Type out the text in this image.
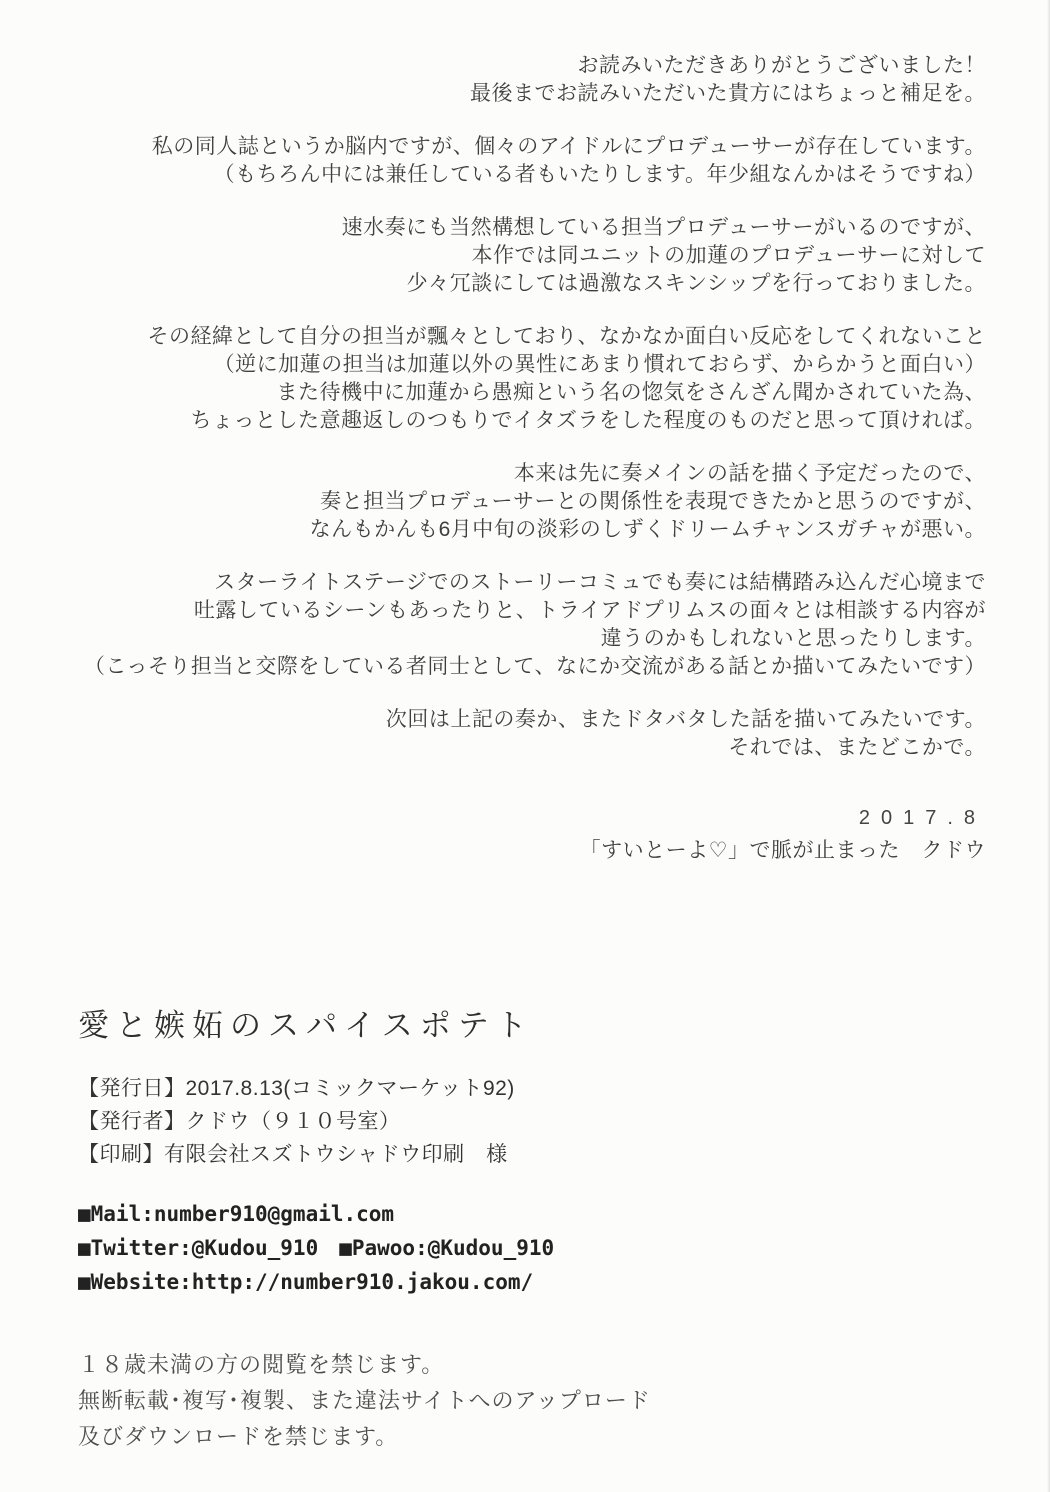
お読みいただきありがとうございました！
最後までお読みいただいた貴方にはちょっと補足を。

私の同人誌というか脳内ですが、個々のアイドルにプロデューサーが存在しています。
（もちろん中には兼任している者もいたりします。年少組なんかはそうですね）

速水奏にも当然構想している担当プロデューサーがいるのですが、
本作では同ユニットの加蓮のプロデューサーに対して
少々冗談にしては過激なスキンシップを行っておりました。

その経緯として自分の担当が飄々としており、なかなか面白い反応をしてくれないこと
（逆に加蓮の担当は加蓮以外の異性にあまり慣れておらず、からかうと面白い）
また待機中に加蓮から愚痴という名の惚気をさんざん聞かされていた為、
ちょっとした意趣返しのつもりでイタズラをした程度のものだと思って頂ければ。

本来は先に奏メインの話を描く予定だったので、
奏と担当プロデューサーとの関係性を表現できたかと思うのですが、
なんもかんも6月中旬の淡彩のしずくドリームチャンスガチャが悪い。

スターライトステージでのストーリーコミュでも奏には結構踏み込んだ心境まで
吐露しているシーンもあったりと、トライアドプリムスの面々とは相談する内容が
違うのかもしれないと思ったりします。
（こっそり担当と交際をしている者同士として、なにか交流がある話とか描いてみたいです）

次回は上記の奏か、またドタバタした話を描いてみたいです。
それでは、またどこかで。

2017.8
「すいとーよ♡」で脈が止まった　クドウ
愛と嫉妬のスパイスポテト
【発行日】2017.8.13(コミックマーケット92)
【発行者】クドウ（９１０号室）
【印刷】有限会社スズトウシャドウ印刷　様
■Mail:number910@gmail.com
■Twitter:@Kudou_910　■Pawoo:@Kudou_910
■Website:http://number910.jakou.com/
１８歳未満の方の閲覧を禁じます。
無断転載･複写･複製、また違法サイトへのアップロード
及びダウンロードを禁じます。
